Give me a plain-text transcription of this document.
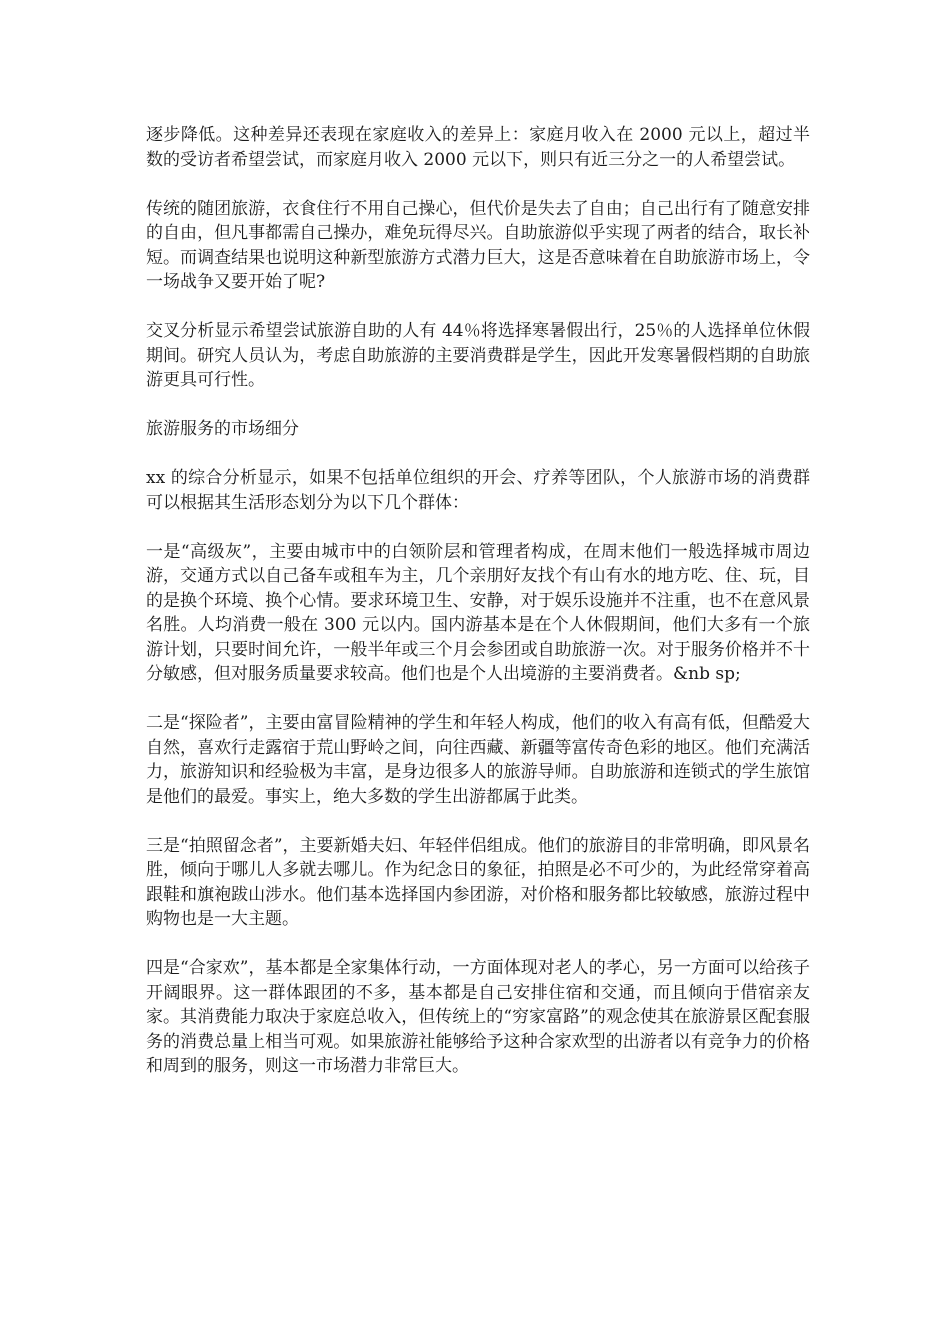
逐步降低。这种差异还表现在家庭收入的差异上：家庭月收入在 2000 元以上，超过半数的受访者希望尝试，而家庭月收入 2000 元以下，则只有近三分之一的人希望尝试。

传统的随团旅游，衣食住行不用自己操心，但代价是失去了自由；自己出行有了随意安排的自由，但凡事都需自己操办，难免玩得尽兴。自助旅游似乎实现了两者的结合，取长补短。而调查结果也说明这种新型旅游方式潜力巨大，这是否意味着在自助旅游市场上，令一场战争又要开始了呢?

交叉分析显示希望尝试旅游自助的人有 44％将选择寒暑假出行，25％的人选择单位休假期间。研究人员认为，考虑自助旅游的主要消费群是学生，因此开发寒暑假档期的自助旅游更具可行性。

旅游服务的市场细分

xx 的综合分析显示，如果不包括单位组织的开会、疗养等团队，个人旅游市场的消费群可以根据其生活形态划分为以下几个群体：

一是“高级灰”，主要由城市中的白领阶层和管理者构成，在周末他们一般选择城市周边游，交通方式以自己备车或租车为主，几个亲朋好友找个有山有水的地方吃、住、玩，目的是换个环境、换个心情。要求环境卫生、安静，对于娱乐设施并不注重，也不在意风景名胜。人均消费一般在 300 元以内。国内游基本是在个人休假期间，他们大多有一个旅游计划，只要时间允许，一般半年或三个月会参团或自助旅游一次。对于服务价格并不十分敏感，但对服务质量要求较高。他们也是个人出境游的主要消费者。&nb sp;

二是“探险者”，主要由富冒险精神的学生和年轻人构成，他们的收入有高有低，但酷爱大自然，喜欢行走露宿于荒山野岭之间，向往西藏、新疆等富传奇色彩的地区。他们充满活力，旅游知识和经验极为丰富，是身边很多人的旅游导师。自助旅游和连锁式的学生旅馆是他们的最爱。事实上，绝大多数的学生出游都属于此类。

三是“拍照留念者”，主要新婚夫妇、年轻伴侣组成。他们的旅游目的非常明确，即风景名胜，倾向于哪儿人多就去哪儿。作为纪念日的象征，拍照是必不可少的，为此经常穿着高跟鞋和旗袍跋山涉水。他们基本选择国内参团游，对价格和服务都比较敏感，旅游过程中购物也是一大主题。

四是“合家欢”，基本都是全家集体行动，一方面体现对老人的孝心，另一方面可以给孩子开阔眼界。这一群体跟团的不多，基本都是自己安排住宿和交通，而且倾向于借宿亲友家。其消费能力取决于家庭总收入，但传统上的“穷家富路”的观念使其在旅游景区配套服务的消费总量上相当可观。如果旅游社能够给予这种合家欢型的出游者以有竞争力的价格和周到的服务，则这一市场潜力非常巨大。
